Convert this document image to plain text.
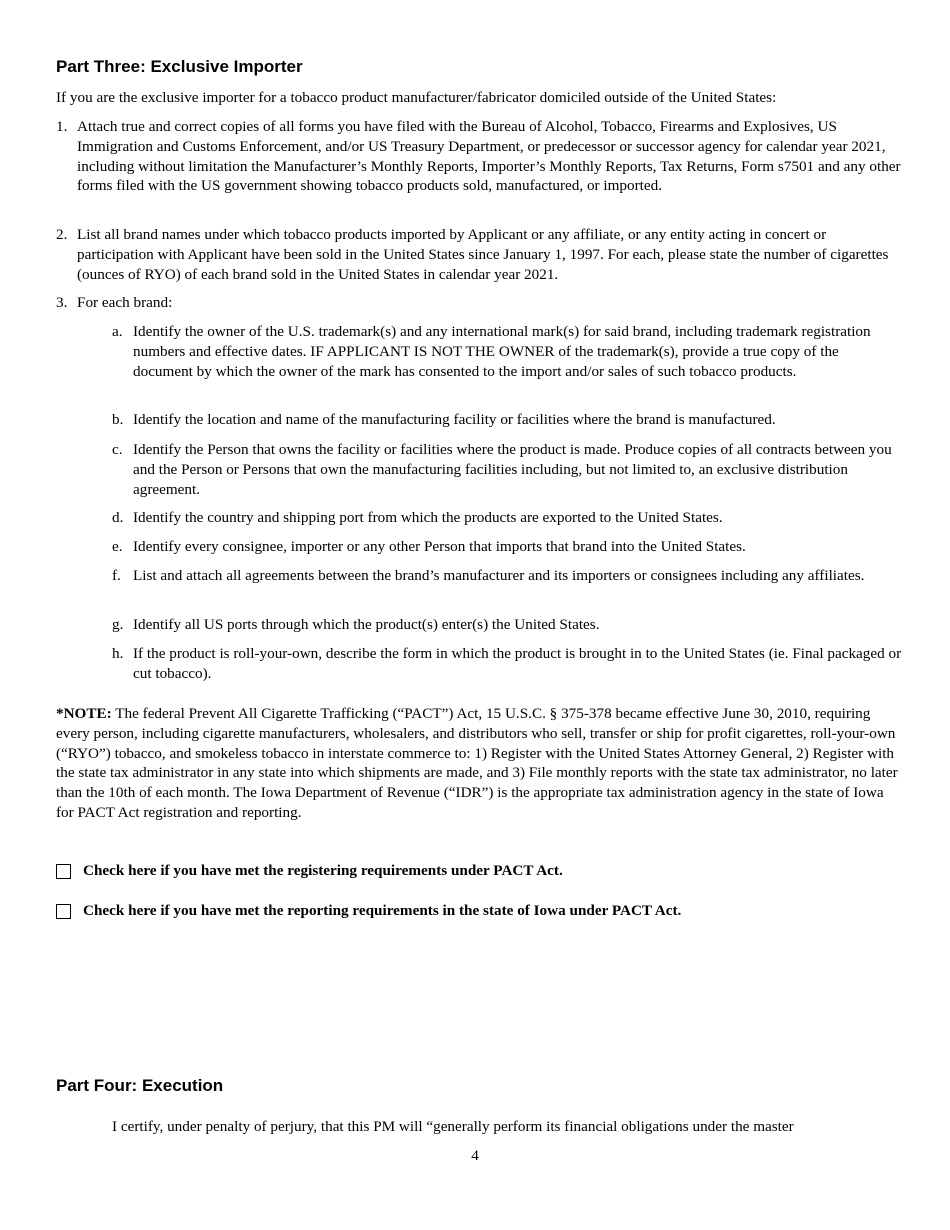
Part Three: Exclusive Importer

If you are the exclusive importer for a tobacco product manufacturer/fabricator domiciled outside of the United States:

1. Attach true and correct copies of all forms you have filed with the Bureau of Alcohol, Tobacco, Firearms and Explosives, US Immigration and Customs Enforcement, and/or US Treasury Department, or predecessor or successor agency for calendar year 2021, including without limitation the Manufacturer’s Monthly Reports, Importer’s Monthly Reports, Tax Returns, Form s7501 and any other forms filed with the US government showing tobacco products sold, manufactured, or imported.
2. List all brand names under which tobacco products imported by Applicant or any affiliate, or any entity acting in concert or participation with Applicant have been sold in the United States since January 1, 1997. For each, please state the number of cigarettes (ounces of RYO) of each brand sold in the United States in calendar year 2021.
3. For each brand:
a. Identify the owner of the U.S. trademark(s) and any international mark(s) for said brand, including trademark registration numbers and effective dates. IF APPLICANT IS NOT THE OWNER of the trademark(s), provide a true copy of the document by which the owner of the mark has consented to the import and/or sales of such tobacco products.
b. Identify the location and name of the manufacturing facility or facilities where the brand is manufactured.
c. Identify the Person that owns the facility or facilities where the product is made. Produce copies of all contracts between you and the Person or Persons that own the manufacturing facilities including, but not limited to, an exclusive distribution agreement.
d. Identify the country and shipping port from which the products are exported to the United States.
e. Identify every consignee, importer or any other Person that imports that brand into the United States.
f. List and attach all agreements between the brand’s manufacturer and its importers or consignees including any affiliates.
g. Identify all US ports through which the product(s) enter(s) the United States.
h. If the product is roll-your-own, describe the form in which the product is brought in to the United States (ie. Final packaged or cut tobacco).

*NOTE: The federal Prevent All Cigarette Trafficking (“PACT”) Act, 15 U.S.C. § 375-378 became effective June 30, 2010, requiring every person, including cigarette manufacturers, wholesalers, and distributors who sell, transfer or ship for profit cigarettes, roll-your-own (“RYO”) tobacco, and smokeless tobacco in interstate commerce to: 1) Register with the United States Attorney General, 2) Register with the state tax administrator in any state into which shipments are made, and 3) File monthly reports with the state tax administrator, no later than the 10th of each month. The Iowa Department of Revenue (“IDR”) is the appropriate tax administration agency in the state of Iowa for PACT Act registration and reporting.

Check here if you have met the registering requirements under PACT Act.
Check here if you have met the reporting requirements in the state of Iowa under PACT Act.
Part Four: Execution

I certify, under penalty of perjury, that this PM will “generally perform its financial obligations under the master

4
